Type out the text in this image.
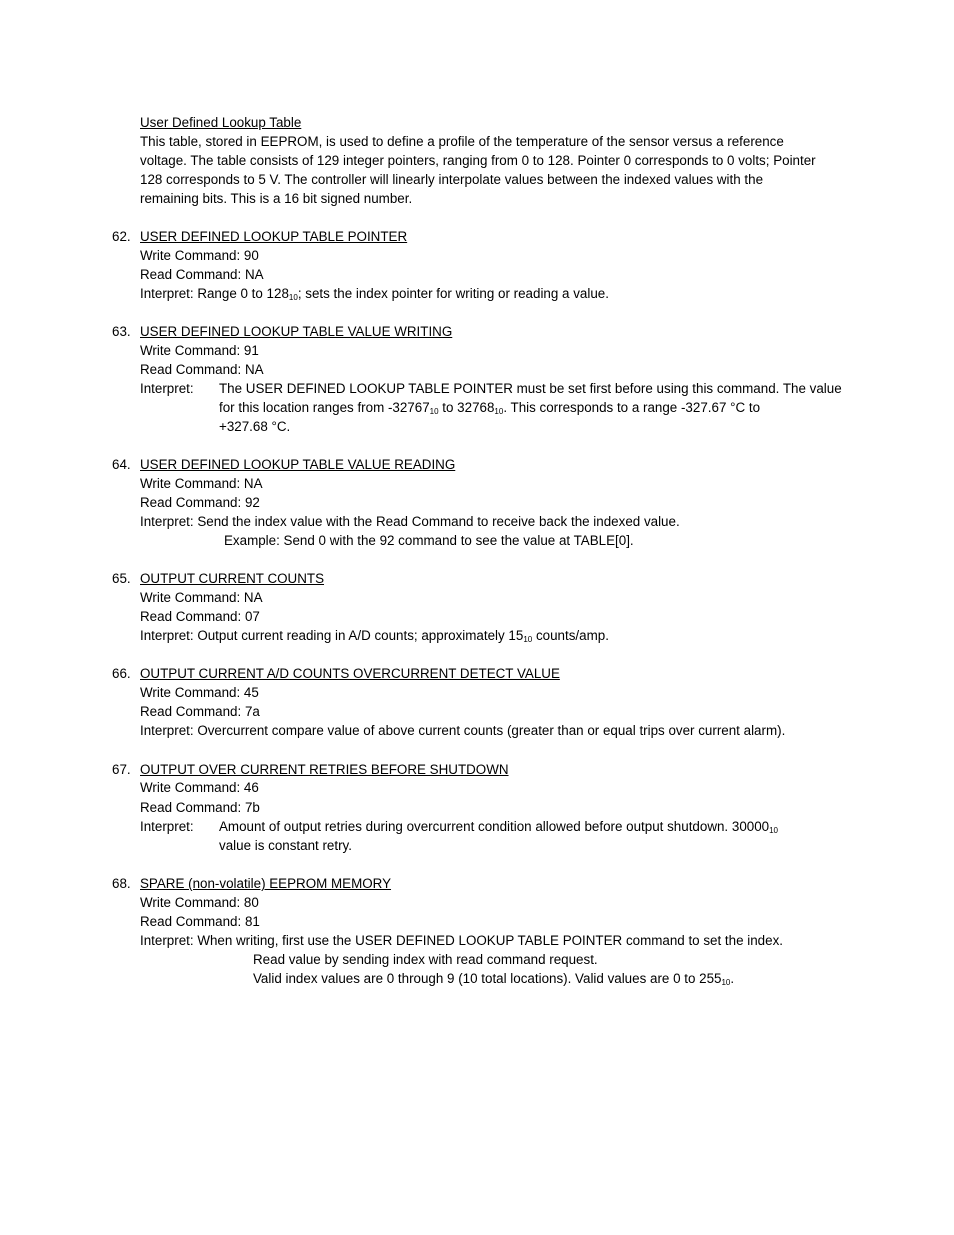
User Defined Lookup Table
This table, stored in EEPROM, is used to define a profile of the temperature of the sensor versus a reference
voltage. The table consists of 129 integer pointers, ranging from 0 to 128. Pointer 0 corresponds to 0 volts; Pointer
128 corresponds to 5 V. The controller will linearly interpolate values between the indexed values with the
remaining bits. This is a 16 bit signed number.
62. USER DEFINED LOOKUP TABLE POINTER
Write Command: 90
Read Command: NA
Interpret: Range 0 to $128_{10}$; sets the index pointer for writing or reading a value.
63. USER DEFINED LOOKUP TABLE VALUE WRITING
Write Command: 91
Read Command: NA
Interpret: The USER DEFINED LOOKUP TABLE POINTER must be set first before using this command. The value
for this location ranges from $-32767_{10}$ to $32768_{10}$. This corresponds to a range -327.67 °C to
+327.68 °C.
64. USER DEFINED LOOKUP TABLE VALUE READING
Write Command: NA
Read Command: 92
Interpret: Send the index value with the Read Command to receive back the indexed value.
Example: Send 0 with the 92 command to see the value at TABLE[0].
65. OUTPUT CURRENT COUNTS
Write Command: NA
Read Command: 07
Interpret: Output current reading in A/D counts; approximately $15_{10}$ counts/amp.
66. OUTPUT CURRENT A/D COUNTS OVERCURRENT DETECT VALUE
Write Command: 45
Read Command: 7a
Interpret: Overcurrent compare value of above current counts (greater than or equal trips over current alarm).
67. OUTPUT OVER CURRENT RETRIES BEFORE SHUTDOWN
Write Command: 46
Read Command: 7b
Interpret: Amount of output retries during overcurrent condition allowed before output shutdown. $30000_{10}$
value is constant retry.
68. SPARE (non-volatile) EEPROM MEMORY
Write Command: 80
Read Command: 81
Interpret: When writing, first use the USER DEFINED LOOKUP TABLE POINTER command to set the index.
Read value by sending index with read command request.
Valid index values are 0 through 9 (10 total locations). Valid values are 0 to $255_{10}$.
